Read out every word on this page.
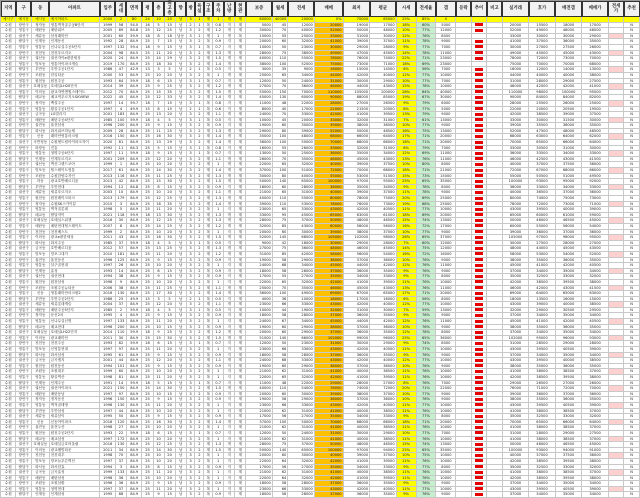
지역	구	동	아파트	입주	세대	면적	평	층	최고층	향	방	욕실	구조	주차	난방	현관	보증	월세	전세	매매	최저	평균	시세	전세율	갭	등락	추이	비고	실거래	호가	매전갭	매매가	전세가	추천
예시구	예시동	예시동	예시아파트	2000	2	80	24	10	20	남	3	1	계	1	개	계	60000	40000	20000	0%	70000	65000	25%	85%	0									
수원	장안구	정자동	영통벽적골주공8단지	1999	56	54.0	16	5	15	남	2	1	복	0.8	지	계	5000	45	12000	20000	19000	17000	18%	60%	5000				20000	15500	18000	17000		N
수원	영통구	매탄동	매탄위브	2005	89	84.8	25	12	25	남	3	2	계	1.2	개	계	30000	70	40000	52000	50000	48000	10%	77%	12000				52000	49000	48000	46000		N
수원	권선구	세류동	삼성래미안	2001	60	59.9	18	8	18	남동	3	1	계	1	개	복	15000	55	25000	33000	31000	30000	12%	76%	8000				33000	30000	30000	29000		N
수원	팔달구	인계동	인계동신	1992	28	84.9	25	7	15	남	3	2	복	0.9	지	계	20000	60	32000	41000	39000	37000	11%	78%	9000				41000	37000	36000	35000		N
수원	영통구	영통동	신나무실주공5단지	1997	132	59.4	18	9	15	남	3	1	복	0.7	지	계	10000	50	23000	30000	29000	28000	9%	77%	7000				30000	27000	27500	26000		N
수원	장안구	천천동	천천푸르지오	2004	98	84.5	25	11	20	남	3	2	계	1.3	개	계	28000	75	38000	49000	47000	45000	14%	78%	11000				49000	45000	45000	43000		N
수원	권선구	권선동	권선자이e편한세상	2020	24	84.9	25	14	29	남	3	2	계	1.5	개	계	40000	110	55000	78000	76000	74000	22%	71%	23000				78000	72000	73000	70000		N
수원	영통구	망포동	영통아이파크캐슬	2019	170	84.9	25	18	30	남	3	2	계	1.4	개	계	38000	100	52000	75000	73000	71000	18%	69%	23000				75000	70000	70000	68000		N
수원	팔달구	우만동	우만주공1단지	1986	47	42.9	13	3	5	남	2	1	복	0.5	지	계	3000	35	9000	16000	15000	14500	6%	56%	7000				16000	12000	14000	13000		N
수원	장안구	조원동	한일타운	2000	53	84.9	25	10	20	남	3	2	복	1	개	계	25000	65	34000	44000	42000	40000	12%	77%	10000				44000	40000	40000	38000		N
수원	영통구	원천동	원천주공	1993	64	59.9	18	6	15	남	3	1	복	0.7	지	계	12000	50	24000	31000	30000	29000	10%	77%	7000				31000	28000	29000	27500		N
수원	권선구	호매실동	호매실LH20단지	2014	39	84.9	25	9	25	남	3	2	계	1.2	개	계	27000	70	36000	46000	44000	43000	15%	78%	10000				46000	42000	42000	41000		N
수원	영통구	이의동	광교자연앤힐스테이트	2012	70	84.9	25	15	35	남	3	2	계	1.5	개	계	55000	150	70000	110000	105000	100000	28%	64%	40000				110000	98000	100000	95000		N
수원	팔달구	매교동	매교역푸르지오SKVIEW	2022	45	84.9	25	12	33	남	3	2	계	1.4	개	계	45000	130	60000	90000	88000	85000	19%	67%	30000				90000	84000	84000	82000		N
수원	장안구	정자동	백설주공	1997	14	59.7	18	7	15	남	3	1	복	0.8	지	계	11000	48	22000	28000	27000	26500	9%	79%	6000				28000	25500	26000	25000		N
수원	영통구	영통동	황골주공1단지	1997	4	49.9	15	8	15	남	2	1	복	0.6	지	계	8000	40	17000	22000	21500	20500	8%	77%	5000				22000	20000	20500	19500		N
수원	권선구	금곡동	LG빌리지	2001	183	84.9	25	13	20	남	3	2	계	1.1	개	계	24000	70	33000	42000	41000	39500	13%	79%	9000				42000	38500	39000	37500		N
수원	영통구	매탄동	매탄주공4단지	1985	100	59.9	18	4	5	남	3	1	복	0.5	지	계	10000	45	20000	33000	32000	31000	7%	61%	13000				33000	30000	31500	30000		N
수원	장안구	율전동	율전삼성	1996	200	84.9	25	9	15	남	3	2	복	0.9	지	계	19000	60	30000	39000	38000	36500	10%	77%	9000				39000	35500	36000	35000		N
수원	팔달구	화서동	화서위브하늘채	2009	28	84.9	25	11	25	남	3	2	계	1.3	개	계	29000	80	39000	52000	50000	48500	16%	75%	13000				52000	47500	48000	46500		N
수원	영통구	신동	래미안영통마크원	2016	150	84.9	25	16	30	남	3	2	계	1.4	개	계	35000	100	48000	68000	66000	64000	17%	71%	20000				68000	63000	64000	62000		N
수원	권선구	곡반정동	수원센트럴아이파크자이	2020	81	84.9	25	13	29	남	3	2	계	1.4	개	계	36000	100	50000	70000	68000	66000	18%	71%	20000				70000	65000	66000	64000		N
수원	장안구	파장동	진흥	1992	11	84.3	25	5	15	남	3	1	복	0.8	지	계	16000	55	26000	33000	32000	31000	8%	79%	7000				33000	30500	31000	30000		N
수원	영통구	영통동	청명주공4단지	1997	11	59.9	18	9	15	남	3	1	복	0.7	지	계	13000	50	25000	36000	35000	34000	12%	69%	11000				36000	33500	34000	33000		N
수원	팔달구	인계동	인계푸르지오	2001	209	84.9	25	12	20	남	3	2	계	1.1	개	계	26000	70	35000	46000	45000	43000	13%	76%	11000				46000	42500	43000	41500		N
수원	권선구	권선동	벽산그랜드코아	1999	1	84.9	25	10	20	남	3	2	계	1	개	계	22000	65	32000	40000	39000	37500	10%	80%	8000				40000	37000	37500	36000		N
수원	영통구	망포동	힐스테이트영통	2017	61	84.9	25	14	30	남	3	2	계	1.4	개	계	37000	100	51000	72000	70000	68000	18%	71%	21000				72000	67000	68000	66000		N
수원	장안구	조원동	수원한양수자인	2013	116	84.9	25	11	25	남	3	2	계	1.3	개	계	30000	80	40000	55000	53000	51500	15%	73%	15000				55000	50500	51000	49500		N
수원	영통구	하동	광교호반베르디움	2013	42	84.9	25	15	30	남	3	2	계	1.5	개	계	50000	140	65000	100000	97000	95000	25%	65%	35000				100000	93000	95000	92000		N
수원	팔달구	우만동	우만현대	1994	12	84.8	25	8	15	남	3	2	복	0.9	지	계	18000	60	28000	36000	35000	34000	9%	78%	8000				36000	33000	34000	33000		N
수원	권선구	세류동	세류푸르지오	2003	10	84.9	25	10	20	남	3	2	계	1.1	개	계	21000	65	31000	40000	39000	37000	11%	78%	9000				40000	36500	37000	36000		N
수원	영통구	원천동	원천레이크파크	2013	179	84.9	25	12	25	남	3	2	계	1.3	개	계	40000	110	55000	80000	78000	75000	20%	69%	25000				80000	74000	75000	73000		N
수원	장안구	정자동	수원SK스카이뷰	2015	3	84.9	25	16	35	남	3	2	계	1.4	개	계	39000	110	53000	78000	76000	73000	19%	68%	25000				78000	72000	73000	71000		N
수원	영통구	영통동	벽적골롯데	1998	5	84.9	25	11	20	남	3	2	복	1	지	계	23000	65	33000	43000	42000	40500	11%	77%	10000				43000	39500	40000	39000		N
수원	팔달구	매교동	팔달자이	2021	118	59.9	18	13	30	남	3	2	계	1.3	개	계	33000	95	45000	65000	63000	61000	18%	69%	20000				65000	60000	61000	59000		N
수원	권선구	호매실동	호매실스위첸	2016	30	84.9	25	12	25	남	3	2	계	1.3	개	계	28000	75	37000	50000	48000	46500	15%	74%	13000				50000	46000	46500	45000		N
수원	영통구	매탄동	매탄현대힐스테이트	2007	8	84.9	25	14	25	남	3	2	계	1.2	개	계	32000	85	43000	60000	58000	56000	16%	72%	17000				60000	55000	56000	54000		N
수원	장안구	천천동	천천베스트	1999	2	84.9	25	10	20	남	3	2	복	1	지	계	20000	60	30000	39000	38000	37000	10%	77%	9000				39000	36000	37000	36000		N
수원	영통구	이의동	광교e편한세상	2011	43	84.9	25	16	30	남	3	2	계	1.5	개	계	52000	145	68000	105000	102000	98000	26%	65%	37000				105000	97000	98000	95000		N
수원	팔달구	화서동	화서주공	1985	37	59.9	18	4	5	남	3	1	복	0.5	지	계	9000	42	18000	30000	29000	28000	7%	60%	12000				30000	27500	28000	27000		N
수원	권선구	금곡동	호반베르디움	2012	57	84.9	25	13	25	남	3	2	계	1.3	개	계	27000	75	36000	48000	46000	45000	14%	75%	12000				48000	44000	45000	43500		N
수원	영통구	망포동	망포그대가	2010	181	84.9	25	11	20	남	3	2	계	1.2	개	계	31000	85	42000	58000	56000	54000	16%	72%	16000				58000	53000	54000	52000		N
수원	장안구	율전동	율천동신	1996	125	84.9	25	9	15	남	3	2	복	0.9	지	계	19000	58	29000	38000	37000	36000	10%	76%	9000				38000	35000	36000	35000		N
수원	영통구	영통동	살구골현대	1997	26	84.9	25	10	20	남	3	2	복	1	지	계	24000	68	34000	45000	44000	42000	12%	76%	11000				45000	41000	42000	40500		N
수원	팔달구	인계동	효성	1993	14	84.9	25	8	15	남	3	2	복	0.9	지	계	18000	58	28000	37000	36000	35000	9%	76%	9000				37000	34000	35000	34000		N
수원	권선구	권선동	권선현대	1994	38	84.9	25	9	15	남	3	2	복	0.9	지	계	17000	55	27000	35000	34000	33000	9%	77%	8000				35000	32500	33000	32000		N
수원	영통구	원천동	원천삼성	1998	9	84.9	25	10	20	남	3	2	복	1	지	계	22000	65	32000	42000	41000	39500	11%	76%	10000				42000	38500	39500	38000		N
수원	장안구	조원동	조원주공뉴타운	2006	38	84.9	25	11	25	남	3	2	계	1.1	개	계	25000	70	35000	46000	45000	43000	13%	76%	11000				46000	42000	43000	41500		N
수원	영통구	신동	영통래미안마크원2	2016	130	84.9	25	17	30	남	3	2	계	1.4	개	계	36000	100	49000	69000	67000	65000	17%	71%	20000				69000	64000	65000	63000		N
수원	팔달구	우만동	우만주공2단지	1986	25	49.9	15	3	5	남	2	1	복	0.5	지	계	4000	36	10000	18000	17000	16000	6%	56%	8000				18000	13500	16000	15000		N
수원	권선구	세류동	세류롯데캐슬	2004	37	84.9	25	12	20	남	3	2	계	1.1	개	계	23000	66	33000	43000	42000	40000	12%	77%	10000				43000	39000	40000	38500		N
수원	영통구	매탄동	매탄주공5단지	1985	2	59.9	18	4	5	남	3	1	복	0.5	지	계	10000	44	19000	32000	31000	30000	7%	59%	13000				32000	29000	30500	29500		N
수원	장안구	정자동	동신2차	1995	4	84.9	25	9	15	남	3	2	복	0.9	지	계	18000	58	28000	37000	36000	35000	9%	76%	9000				37000	34000	35000	34000		N
수원	영통구	영통동	신나무실신명	1997	133	84.9	25	11	20	남	3	2	복	1	지	계	24000	67	34000	45000	44000	42000	12%	76%	11000				45000	41000	42000	40500		N
수원	팔달구	매교동	매교현대	1996	200	84.9	25	10	15	남	3	2	복	0.9	지	계	19000	60	29000	38000	37000	36000	10%	76%	9000				38000	35000	36000	35000		N
수원	권선구	호매실동	호매실LH22단지	2014	110	59.9	18	9	25	남	3	2	계	1.2	개	계	20000	60	29000	37000	36000	35000	12%	78%	8000				37000	34000	35000	34000		N
수원	영통구	이의동	광교래미안	2011	30	84.9	25	15	30	남	3	2	계	1.5	개	계	51000	140	66000	102000	99000	96000	25%	65%	36000				102000	95000	96000	93000		N
수원	장안구	천천동	천천주공	1993	82	59.9	18	6	15	남	3	1	복	0.7	지	계	12000	50	23000	31000	30000	29000	9%	74%	8000				31000	28500	29000	28000		N
수원	영통구	망포동	신영통현대	1997	97	84.9	25	11	20	남	3	2	복	1	지	계	23000	66	33000	43000	42000	40500	11%	77%	10000				43000	39500	40500	39000		N
수원	팔달구	화서동	화서삼성	1995	61	84.9	25	9	15	남	3	2	복	0.9	지	계	18000	58	28000	37000	36000	35000	9%	76%	9000				37000	34000	35000	34000		N
수원	권선구	금곡동	금곡엘지	2001	44	84.9	25	12	20	남	3	2	계	1.1	개	계	24000	68	33000	43000	42000	40000	12%	77%	10000				43000	39500	40000	38500		N
수원	영통구	원천동	원천동신	1994	101	84.9	25	9	15	남	3	2	복	0.9	지	계	19000	60	29000	38000	37000	36000	10%	76%	9000				38000	35000	36000	35000		N
수원	장안구	조원동	조원대우	1999	60	84.9	25	10	20	남	3	2	복	1	지	계	21000	62	31000	41000	40000	38500	11%	76%	10000				41000	38000	38500	37000		N
수원	영통구	영통동	황골벽산	1998	81	84.9	25	11	20	남	3	2	복	1	지	계	22000	65	32000	42000	41000	39500	11%	76%	10000				42000	38500	39500	38000		N
수원	팔달구	인계동	인계주공	1991	14	59.9	18	5	15	남	3	1	복	0.7	지	계	11000	48	22000	29000	28000	27000	8%	76%	7000				29000	26500	27000	26000		N
수원	권선구	권선동	권선아이파크	2021	150	84.9	25	14	30	남	3	2	계	1.5	개	계	40000	110	54000	76000	74000	72000	20%	71%	22000				76000	71000	72000	70000		N
수원	영통구	매탄동	매탄동남	1997	97	84.9	25	10	15	남	3	2	복	0.9	지	계	20000	60	30000	39000	38000	37000	10%	77%	9000				39000	36000	37000	36000		N
수원	장안구	정자동	정자동신	1996	150	84.9	25	9	15	남	3	2	복	0.9	지	계	19000	58	29000	38000	37000	36000	10%	76%	9000				38000	35000	36000	35000		N
수원	영통구	영통동	벽적골태영	1998	130	84.9	25	11	20	남	3	2	복	1	지	계	23000	66	33000	43000	42000	40500	11%	77%	10000				43000	39500	40500	39000		N
수원	팔달구	우만동	우만삼성	1997	44	84.9	25	10	20	남	3	2	복	1	지	계	21000	62	31000	41000	40000	38500	11%	76%	10000				41000	38000	38500	37000		N
수원	권선구	세류동	세류삼익	1995	50	84.9	25	9	15	남	3	2	복	0.9	지	계	17000	56	27000	35000	34000	33000	9%	77%	8000				35000	32500	33000	32000		N
수원	영통구	신동	신동아이파크	2018	120	84.9	25	16	30	남	3	2	계	1.4	개	계	37000	100	50000	70000	68000	66000	18%	71%	20000				70000	65000	66000	64000		N
수원	장안구	율전동	율전두산	1998	27	84.9	25	10	20	남	3	2	복	1	지	계	21000	62	31000	41000	40000	38500	11%	76%	10000				41000	38000	38500	37000		N
수원	영통구	원천동	원천주공2단지	1993	22	59.9	18	6	15	남	3	1	복	0.7	지	계	12000	50	24000	31000	30000	29000	10%	77%	7000				31000	28000	29000	27500		N
수원	팔달구	매교동	매교삼성	1997	172	84.9	25	10	20	남	3	2	복	1	지	계	21000	62	31000	41000	40000	38500	11%	76%	10000				41000	38000	38500	37000		N
수원	권선구	호매실동	호매실금호어울림	2016	130	84.9	25	12	25	남	3	2	계	1.3	개	계	28000	75	37000	50000	48000	46500	15%	74%	13000				50000	46000	46500	45000		N
수원	영통구	이의동	광교웰빙타운	2011	34	84.9	25	14	30	남	3	2	계	1.5	개	계	50000	140	65000	100000	97000	94000	25%	65%	35000				100000	93000	94000	91000		N
수원	장안구	천천동	천천대우	1998	70	84.9	25	10	20	남	3	2	복	1	지	계	20000	60	30000	40000	39000	37500	10%	75%	10000				40000	37000	37500	36000		N
수원	영통구	망포동	망포늘푸른벽산	1997	37	84.9	25	10	20	남	3	2	복	1	지	계	22000	64	32000	42000	41000	39500	11%	76%	10000				42000	38500	39500	38000		N
수원	팔달구	화서동	화서한효	1994	3	84.9	25	8	15	남	3	2	복	0.9	지	계	17000	56	27000	35000	34000	33000	9%	77%	8000				35000	32500	33000	32000		N
수원	권선구	금곡동	금곡효성	1999	133	84.9	25	11	20	남	3	2	복	1	지	계	21000	62	31000	41000	40000	38500	11%	76%	10000				41000	38000	38500	37000		N
수원	영통구	매탄동	매탄삼성	1998	36	84.9	25	10	20	남	3	2	복	1	지	계	22000	64	32000	42000	41000	39500	11%	76%	10000				42000	38500	39500	38000		N
수원	장안구	조원동	조원삼환	1996	36	84.9	25	9	15	남	3	2	복	0.9	지	계	18000	58	28000	37000	36000	35000	9%	76%	9000				37000	34000	35000	34000		N
수원	영통구	영통동	청명현대	1997	37	84.9	25	11	20	남	3	2	복	1	지	계	23000	66	33000	43000	42000	40500	11%	77%	10000				43000	39500	40500	39000		N
수원	팔달구	인계동	인계삼성	1995	88	84.9	25	9	15	남	3	2	복	0.9	지	계	18000	58	28000	37000	36000	35000	9%	76%	9000				37000	34000	35000	34000		N
